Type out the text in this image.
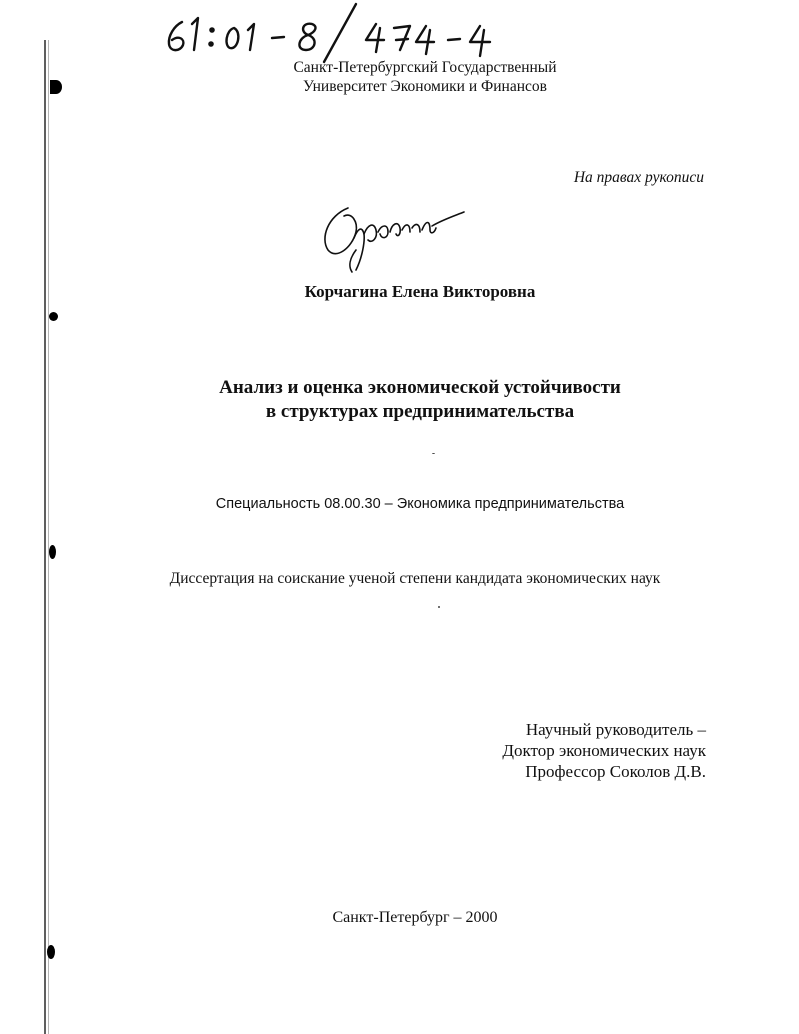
Санкт-Петербургский Государственный
Университет Экономики и Финансов
На правах рукописи
Корчагина Елена Викторовна
Анализ и оценка экономической устойчивости
в структурах предпринимательства
Специальность 08.00.30 – Экономика предпринимательства
Диссертация на соискание ученой степени кандидата экономических наук
Научный руководитель –
Доктор экономических наук
Профессор Соколов Д.В.
Санкт-Петербург – 2000
